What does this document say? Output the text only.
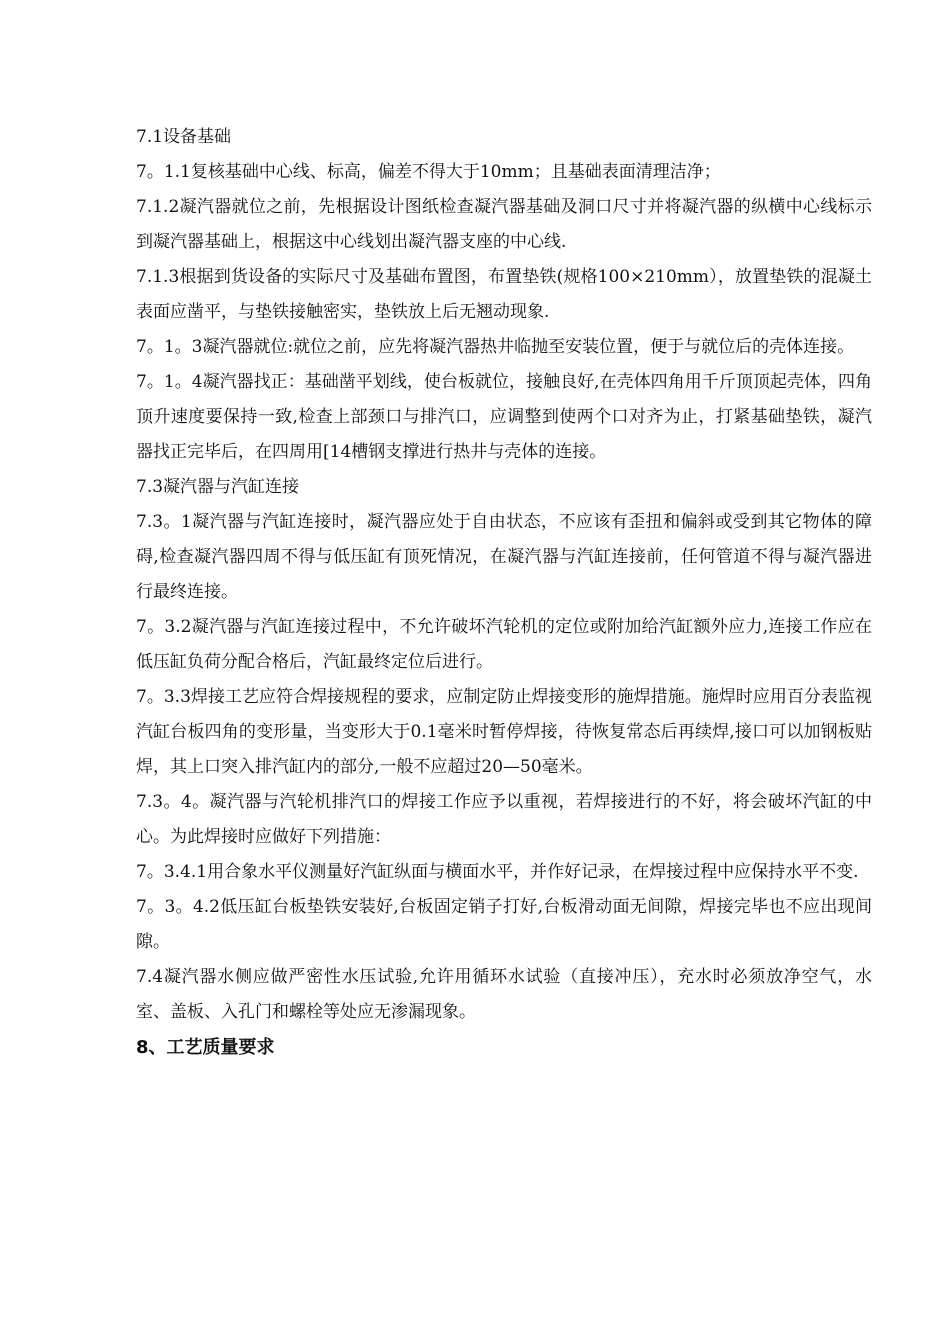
7.1设备基础

7。1.1复核基础中心线、标高，偏差不得大于10mm；且基础表面清理洁净；

7.1.2凝汽器就位之前，先根据设计图纸检查凝汽器基础及洞口尺寸并将凝汽器的纵横中心线标示到凝汽器基础上，根据这中心线划出凝汽器支座的中心线.

7.1.3根据到货设备的实际尺寸及基础布置图，布置垫铁(规格100×210mm），放置垫铁的混凝土表面应凿平，与垫铁接触密实，垫铁放上后无翘动现象.

7。1。3凝汽器就位:就位之前，应先将凝汽器热井临抛至安装位置，便于与就位后的壳体连接。

7。1。4凝汽器找正：基础凿平划线，使台板就位，接触良好,在壳体四角用千斤顶顶起壳体，四角顶升速度要保持一致,检查上部颈口与排汽口，应调整到使两个口对齐为止，打紧基础垫铁，凝汽器找正完毕后，在四周用[14槽钢支撑进行热井与壳体的连接。

7.3凝汽器与汽缸连接

7.3。1凝汽器与汽缸连接时，凝汽器应处于自由状态，不应该有歪扭和偏斜或受到其它物体的障碍,检查凝汽器四周不得与低压缸有顶死情况，在凝汽器与汽缸连接前，任何管道不得与凝汽器进行最终连接。

7。3.2凝汽器与汽缸连接过程中，不允许破坏汽轮机的定位或附加给汽缸额外应力,连接工作应在低压缸负荷分配合格后，汽缸最终定位后进行。

7。3.3焊接工艺应符合焊接规程的要求，应制定防止焊接变形的施焊措施。施焊时应用百分表监视汽缸台板四角的变形量，当变形大于0.1毫米时暂停焊接，待恢复常态后再续焊,接口可以加钢板贴焊，其上口突入排汽缸内的部分,一般不应超过20—50毫米。

7.3。4。凝汽器与汽轮机排汽口的焊接工作应予以重视，若焊接进行的不好，将会破坏汽缸的中心。为此焊接时应做好下列措施：

7。3.4.1用合象水平仪测量好汽缸纵面与横面水平，并作好记录，在焊接过程中应保持水平不变.

7。3。4.2低压缸台板垫铁安装好,台板固定销子打好,台板滑动面无间隙，焊接完毕也不应出现间隙。

7.4凝汽器水侧应做严密性水压试验,允许用循环水试验（直接冲压），充水时必须放净空气，水室、盖板、入孔门和螺栓等处应无渗漏现象。

8、工艺质量要求
